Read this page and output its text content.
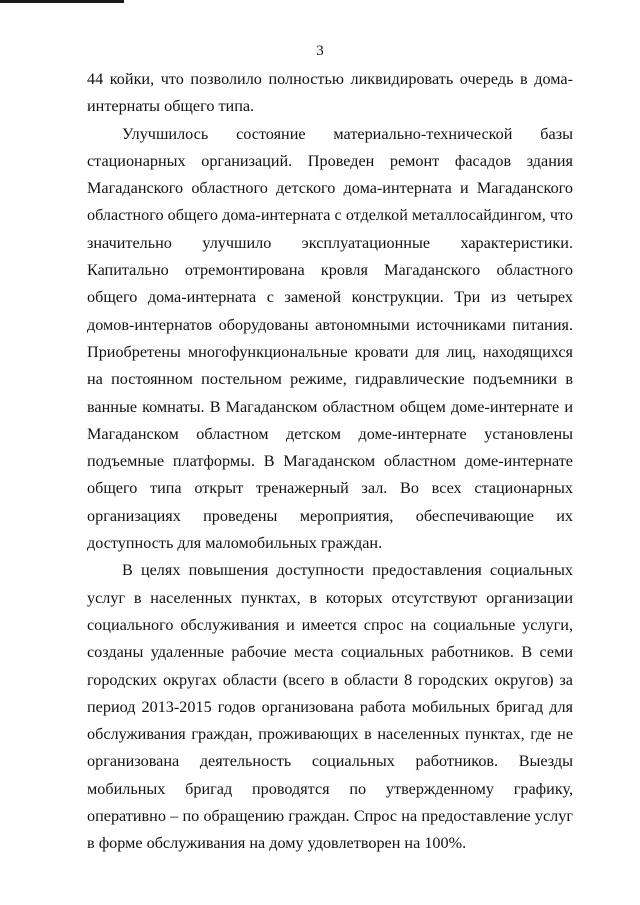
3

44 койки, что позволило полностью ликвидировать очередь в дома-интернаты общего типа.

Улучшилось состояние материально-технической базы стационарных организаций. Проведен ремонт фасадов здания Магаданского областного детского дома-интерната и Магаданского областного общего дома-интерната с отделкой металлосайдингом, что значительно улучшило эксплуатационные характеристики. Капитально отремонтирована кровля Магаданского областного общего дома-интерната с заменой конструкции. Три из четырех домов-интернатов оборудованы автономными источниками питания. Приобретены многофункциональные кровати для лиц, находящихся на постоянном постельном режиме, гидравлические подъемники в ванные комнаты. В Магаданском областном общем доме-интернате и Магаданском областном детском доме-интернате установлены подъемные платформы. В Магаданском областном доме-интернате общего типа открыт тренажерный зал. Во всех стационарных организациях проведены мероприятия, обеспечивающие их доступность для маломобильных граждан.

В целях повышения доступности предоставления социальных услуг в населенных пунктах, в которых отсутствуют организации социального обслуживания и имеется спрос на социальные услуги, созданы удаленные рабочие места социальных работников. В семи городских округах области (всего в области 8 городских округов) за период 2013-2015 годов организована работа мобильных бригад для обслуживания граждан, проживающих в населенных пунктах, где не организована деятельность социальных работников. Выезды мобильных бригад проводятся по утвержденному графику, оперативно – по обращению граждан. Спрос на предоставление услуг в форме обслуживания на дому удовлетворен на 100%.
